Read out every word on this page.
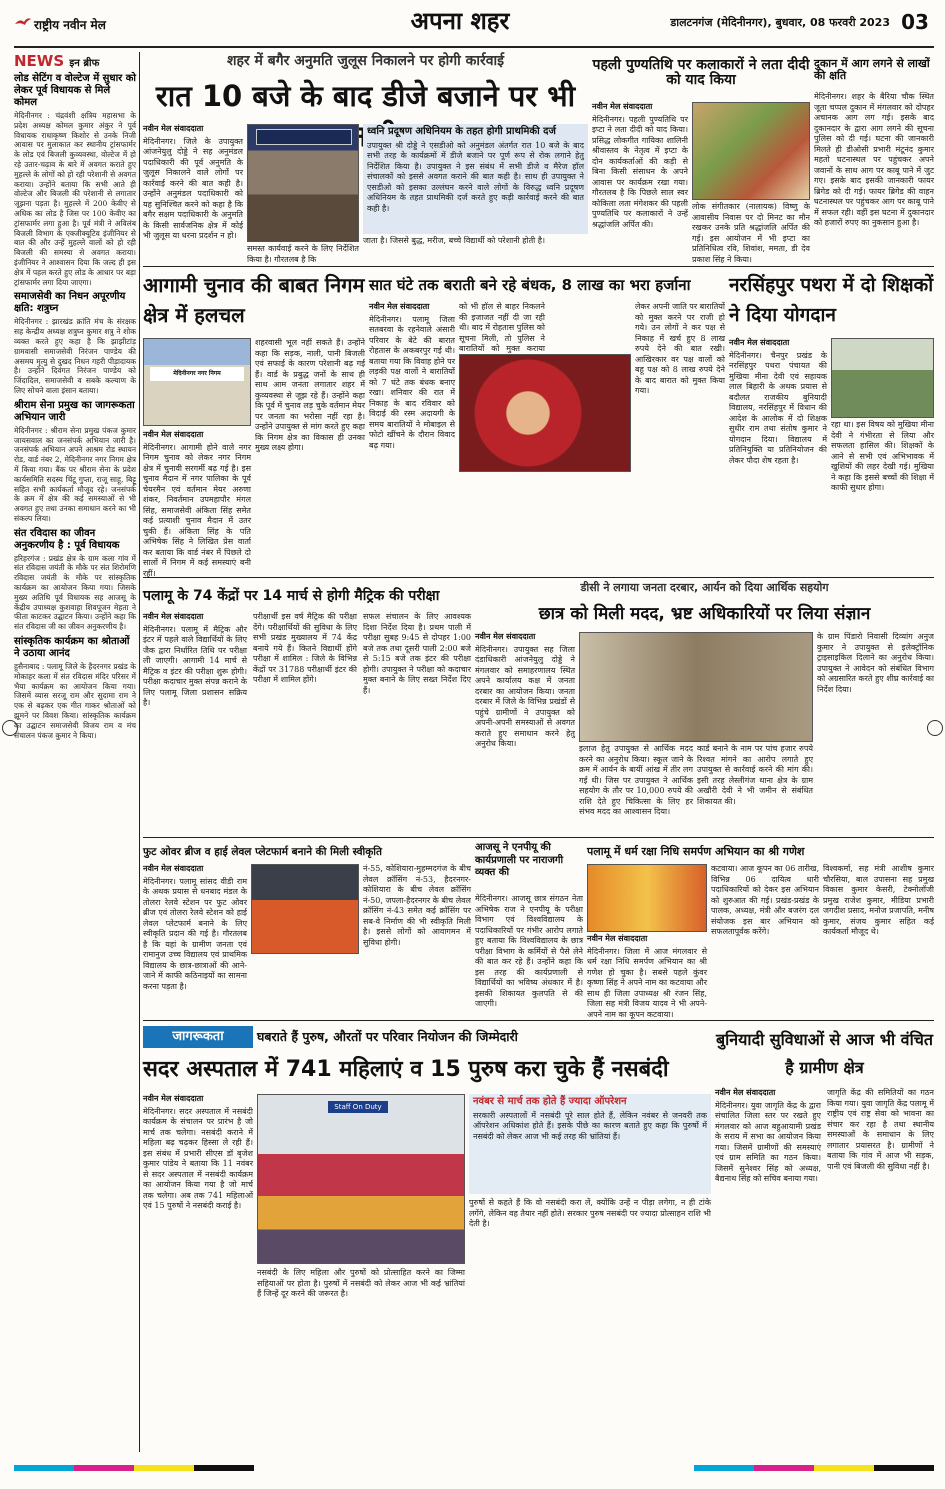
राष्ट्रीय नवीन मेल	अपना शहर	डालटनगंज (मेदिनीनगर), बुधवार, 08 फरवरी 2023 03
NEWS इन ब्रीफ
लोड सेटिंग व वोल्टेज में सुधार को लेकर पूर्व विधायक से मिले कोमल

मेदिनीनगर : चंद्रवंशी क्षत्रिय महासभा के प्रदेश अध्यक्ष कोमल कुमार अंकुर ने पूर्व विधायक राधाकृष्ण किशोर से उनके निजी आवास पर मुलाकात कर स्थानीय ट्रांसफार्मर के लोड एवं बिजली कुव्यवस्था, वोल्टेज में हो रहे उतार-चढ़ाव के बारे में अवगत कराते हुए मुहल्ले के लोगों को हो रही परेशानी से अवगत कराया। उन्होंने बताया कि सभी आते ही वोल्टेज और बिजली की परेशानी से लगातार जूझना पड़ता है। मुहल्ले में 200 केवीए से अधिक का लोड है जिस पर 100 केवीए का ट्रांसफार्मर लगा हुआ है। पूर्व मंत्री ने अविलंब बिजली विभाग के एक्जीक्यूटिव इंजीनियर से बात की और उन्हें मुहल्ले वालों को हो रही बिजली की समस्या से अवगत कराया। इंजीनियर ने आश्वासन दिया कि जल्द ही इस क्षेत्र में पहल करते हुए लोड के आधार पर बड़ा ट्रांसफार्मर लगा दिया जाएगा।

समाजसेवी का निधन अपूरणीय क्षति: शत्रुघ्न

मेदिनीनगर : झारखंड क्रांति मंच के संरक्षक सह केन्द्रीय अध्यक्ष शत्रुघ्न कुमार शत्रु ने शोक व्यक्त करते हुए कहा है कि झाझीटांड़ ग्रामवासी समाजसेवी निरंजन पाण्डेय की असमय मृत्यु से दुखद निधन गहरी पीड़ादायक है। उन्होंने दिवंगत निरंजन पाण्डेय को जिंदादिल, समाजसेवी व सबके कल्याण के लिए सोचने वाला इंसान बताया।

श्रीराम सेना प्रमुख का जागरूकता अभियान जारी

मेदिनीनगर : श्रीराम सेना प्रमुख पंकज कुमार जायसवाल का जनसंपर्क अभियान जारी है। जनसंपर्क अभियान अपने आश्रम रोड स्थायन रोड, वार्ड नंबर 2, मेदिनीनगर नगर निगम क्षेत्र में किया गया। बैंक पर श्रीराम सेना के प्रदेश कार्यसमिति सदस्य चिंटू गुप्ता, राजू साहू, बिट्टू सहित सभी कार्यकर्ता मौजूद रहे। जनसंपर्क के क्रम में क्षेत्र की कई समस्याओं से भी अवगत हुए तथा उनका समाधान करने का भी संकल्प लिया।

संत रविदास का जीवन अनुकरणीय है : पूर्व विधायक

हरिहरगंज : प्रखंड क्षेत्र के ग्राम कला गांव में संत रविदास जयंती के मौके पर संत शिरोमणि रविदास जयंती के मौके पर सांस्कृतिक कार्यक्रम का आयोजन किया गया। जिसके मुख्य अतिथि पूर्व विधायक सह आजसू के केंद्रीय उपाध्यक्ष कुशवाहा शिवपूजन मेहता ने फीता काटकर उद्घाटन किया। उन्होंने कहा कि संत रविदास जी का जीवन अनुकरणीय है।

सांस्कृतिक कार्यक्रम का श्रोताओं ने उठाया आनंद

हुसैनाबाद : पलामू जिले के हैदरनगर प्रखंड के मोकाहर कला में संत रविदास मंदिर परिसर में भैया कार्यक्रम का आयोजन किया गया। जिसमें व्यास सरजू राम और सुदामा राम ने एक से बढ़कर एक गीत गाकर श्रोताओं को झूमने पर विवश किया। सांस्कृतिक कार्यक्रम का उद्घाटन समाजसेवी विजय राम व मंच संचालन पंकज कुमार ने किया।

शहर में बगैर अनुमति जुलूस निकालने पर होगी कार्रवाई
रात 10 बजे के बाद डीजे बजाने पर भी
नवीन मेल संवाददाता

मेदिनीनगर। जिले के उपायुक्त आंजनेयुलु दोड्डे ने सह अनुमंडल पदाधिकारी की पूर्व अनुमति के जुलूस निकालने वाले लोगों पर कार्रवाई करने की बात कही है। उन्होंने अनुमंडल पदाधिकारी को यह सुनिश्चित करने को कहा है कि बगैर सक्षम पदाधिकारी के अनुमति के किसी सार्वजनिक क्षेत्र में कोई भी जुलूस या धरना प्रदर्शन न हो।

समस्त कार्यवाई करने के लिए निर्देशित किया है। गौरतलब है कि
ध्वनि प्रदूषण अधिनियम के तहत होगी प्राथमिकी दर्ज
उपायुक्त श्री दोड्डे ने एसडीओ को अनुमंडल अंतर्गत रात 10 बजे के बाद सभी तरह के कार्यक्रमों में डीजे बजाने पर पूर्ण रूप से रोक लगाने हेतु निर्देशित किया है। उपायुक्त ने इस संबंध में सभी डीजे व मैरेज हॉल संचालकों को इससे अवगत कराने की बात कही है। साथ ही उपायुक्त ने एसडीओ को इसका उल्लंघन करने वाले लोगों के विरुद्ध ध्वनि प्रदूषण अधिनियम के तहत प्राथमिकी दर्ज करते हुए कड़ी कार्रवाई करने की बात कही है।
जाता है। जिससे बुद्ध, मरीज, बच्चे विद्यार्थी को परेशानी होती है।
पहली पुण्यतिथि पर कलाकारों ने लता दीदी को याद किया
नवीन मेल संवाददाता

मेदिनीनगर। पहली पुण्यतिथि पर इप्टा ने लता दीदी को याद किया। प्रसिद्ध लोकगीत गायिका शालिनी श्रीवास्तव के नेतृत्व में इप्टा के दोन कार्यकर्ताओं की कड़ी से बिना किसी संसाधन के अपने आवास पर कार्यक्रम रखा गया। गौरतलब है कि पिछले साल स्वर कोकिला लता मंगेशकर की पहली पुण्यतिथि पर कलाकारों ने उन्हें श्रद्धांजलि अर्पित की।

लोक संगीतकार (नालायक) विष्णु के आवासीय निवास पर दो मिनट का मौन रखकर उनके प्रति श्रद्धांजलि अर्पित की गई। इस आयोजन में भी इप्टा का प्रतिनिधित्व रवि, शिवांश, ममता, डी देव प्रकाश सिंह ने किया।
दुकान में आग लगने से लाखों की क्षति
मेदिनीनगर। शहर के बैरिया चौक स्थित जूता चप्पल दुकान में मंगलवार को दोपहर अचानक आग लग गई। इसके बाद दुकानदार के द्वारा आग लगने की सूचना पुलिस को दी गई। घटना की जानकारी मिलते ही डीओसी प्रभारी मंटूनंद कुमार महतो घटनास्थल पर पहुंचकर अपने जवानों के साथ आग पर काबू पाने में जुट गए। इसके बाद इसकी जानकारी फायर ब्रिगेड को दी गई। फायर ब्रिगेड की वाहन घटनास्थल पर पहुंचकर आग पर काबू पाने में सफल रही। वहीं इस घटना में दुकानदार को हजारों रुपए का नुकसान हुआ है।
आगामी चुनाव की बाबत निगम क्षेत्र में हलचल
मेदिनीनगर नगर निगम
नवीन मेल संवाददाता

मेदिनीनगर। आगामी होने वाले नगर निगम चुनाव को लेकर नगर निगम क्षेत्र में चुनावी सरगर्मी बढ़ गई है। इस चुनाव मैदान में नगर पालिका के पूर्व चेयरमैन एवं वर्तमान मेयर अरुणा शंकर, निवर्तमान उपमहापौर मंगल सिंह, समाजसेवी अंकिता सिंह समेत कई प्रत्याशी चुनाव मैदान में उतर चुकी हैं। अंकिता सिंह के पति अभिषेक सिंह ने लिखित प्रेस वार्ता कर बताया कि वार्ड नंबर में पिछले दो सालों में निगम में कई समस्याएं बनी रहीं।

शहरवासी भूल नहीं सकते हैं। उन्होंने कहा कि सड़क, नाली, पानी बिजली एवं सफाई के कारण परेशानी बढ़ गई हैं। वार्ड के प्रबुद्ध जनों के साथ ही साथ आम जनता लगातार शहर में कुव्यवस्था से जूझ रहे हैं। उन्होंने कहा कि पूर्व में चुनाव लड़ चुके वर्तमान मेयर पर जनता का भरोसा नहीं रहा है। उन्होंने उपायुक्त से मांग करते हुए कहा कि निगम क्षेत्र का विकास ही उनका मुख्य लक्ष्य होगा।
सात घंटे तक बराती बने रहे बंधक, 8 लाख का भरा हर्जाना
नवीन मेल संवाददाता

मेदिनीनगर। पलामू जिला सतबरवा के रहनेवाले अंसारी परिवार के बेटे की बारात रोहतास के अकबरपुर गई थी। बताया गया कि विवाह होने पर लड़की पक्ष वालों ने बारातियों को 7 घंटे तक बंधक बनाए रखा। शनिवार की रात में निकाह के बाद रविवार को विदाई की रस्म अदायगी के समय बारातियों ने मोबाइल से फोटो खींचने के दौरान विवाद बढ़ गया।

को भी हॉल से बाहर निकलने की इजाजत नहीं दी जा रही थी। बाद में रोहतास पुलिस को सूचना मिली, तो पुलिस ने बारातियों को मुक्त कराया
लेकर अपनी जाति पर बारातियों को मुक्त करने पर राजी हो गये। उन लोगों ने कर पक्ष से निकाह में खर्च हुए 8 लाख रुपये देने की बात रखी। आखिरकार वर पक्ष वालों को बहू पक्ष को 8 लाख रुपये देने के बाद बारात को मुक्त किया गया।
नरसिंहपुर पथरा में दो शिक्षकों ने दिया योगदान
नवीन मेल संवाददाता

मेदिनीनगर। चैनपुर प्रखंड के नरसिंहपुर पथरा पंचायत की मुखिया मीना देवी एवं सहायक लाल बिहारी के अथक प्रयास से बदौलत राजकीय बुनियादी विद्यालय, नरसिंहपुर में विधान की आदेश के आलोक में दो शिक्षक सुधीर राम तथा संतोष कुमार ने योगदान दिया। विद्यालय में प्रतिनियुक्ति या प्रतिनियोजन की लेकर पौदा शेष रहता है।

रहा था। इस विषय को मुखिया मीना देवी ने गंभीरता से लिया और सफलता हासिल की। शिक्षकों के आने से सभी एवं अभिभावक में खुशियों की लहर देखी गई। मुखिया ने कहा कि इससे बच्चों की शिक्षा में काफी सुधार होगा।
पलामू के 74 केंद्रों पर 14 मार्च से होगी मैट्रिक की परीक्षा
नवीन मेल संवाददाता

मेदिनीनगर। पलामू में मैट्रिक और इंटर में पहले वाले विद्यार्थियों के लिए जैक द्वारा निर्धारित तिथि पर परीक्षा ली जाएगी। आगामी 14 मार्च से मैट्रिक व इंटर की परीक्षा शुरू होगी। परीक्षा कदाचार मुक्त संपन्न कराने के लिए पलामू जिला प्रशासन सक्रिय है।

परीक्षार्थी इस वर्ष मैट्रिक की परीक्षा देंगे। परीक्षार्थियों की सुविधा के लिए सभी प्रखंड मुख्यालय में 74 केंद्र बनाये गये हैं। कितने विद्यार्थी होंगे परीक्षा में शामिल : जिले के विभिन्न केंद्रों पर 31788 परीक्षार्थी इंटर की परीक्षा में शामिल होंगे।
सफल संचालन के लिए आवश्यक दिशा निर्देश दिया है। प्रथम पाली में परीक्षा सुबह 9:45 से दोपहर 1:00 बजे तक तथा दूसरी पाली 2:00 बजे से 5:15 बजे तक इंटर की परीक्षा होगी। उपायुक्त ने परीक्षा को कदाचार मुक्त बनाने के लिए सख्त निर्देश दिए हैं।
डीसी ने लगाया जनता दरबार, आर्यन को दिया आर्थिक सहयोग
छात्र को मिली मदद, भ्रष्ट अधिकारियों पर लिया संज्ञान
नवीन मेल संवाददाता

मेदिनीनगर। उपायुक्त सह जिला दंडाधिकारी आंजनेयुलु दोड्डे ने मंगलवार को समाहरणालय स्थित अपने कार्यालय कक्ष में जनता दरबार का आयोजन किया। जनता दरबार में जिले के विभिन्न प्रखंडों से पहुंचे ग्रामीणों ने उपायुक्त को अपनी-अपनी समस्याओं से अवगत कराते हुए समाधान करने हेतु अनुरोध किया।

इलाज हेतु उपायुक्त से आर्थिक मदद करने का अनुरोध किया। स्कूल जाने के क्रम में आर्यन के बायीं आंख में तीर लग गई थी। जिस पर उपायुक्त ने आर्थिक सहयोग के तौर पर 10,000 रुपये की राशि देते हुए चिकित्सा के लिए हर संभव मदद का आश्वासन दिया।
कार्ड बनाने के नाम पर पांच हजार रुपये रिश्वत मांगने का आरोप लगाते हुए उपायुक्त से कार्रवाई करने की मांग की। इसी तरह लेस्लीगंज थाना क्षेत्र के ग्राम अखौरी देवी ने भी जमीन से संबंधित शिकायत की।
के ग्राम पिंडारो निवासी दिव्यांग अनुज कुमार ने उपायुक्त से इलेक्ट्रॉनिक ट्राइसाइकिल दिलाने का अनुरोध किया। उपायुक्त ने आवेदन को संबंधित विभाग को अग्रसारित करते हुए शीघ्र कार्रवाई का निर्देश दिया।
फुट ओवर ब्रीज व हाई लेवल प्लेटफार्म बनाने की मिली स्वीकृति
नवीन मेल संवाददाता

मेदिनीनगर। पलामू सांसद वीडी राम के अथक प्रयास से धनबाद मंडल के तोलरा रेलवे स्टेशन पर फुट ओवर ब्रीज एवं तोलरा रेलवे स्टेशन को हाई लेवल प्लेटफार्म बनाने के लिए स्वीकृति प्रदान की गई है। गौरतलब है कि यहां के ग्रामीण जनता एवं रामानुज उच्च विद्यालय एवं प्राथमिक विद्यालय के छात्र-छात्राओं की आने-जाने में काफी कठिनाइयों का सामना करना पड़ता है।

नं-55, कोशियारा-मुहम्मदगंज के बीच लेवल क्रॉसिंग नं-53, हैदरनगर-कोशियारा के बीच लेवल क्रॉसिंग नं-50, जपला-हैदरनगर के बीच लेवल क्रॉसिंग नं-43 समेत कई क्रॉसिंग पर सब-वे निर्माण की भी स्वीकृति मिली है। इससे लोगों को आवागमन में सुविधा होगी।
आजसू ने एनपीयू की कार्यप्रणाली पर नाराजगी व्यक्त की
मेदिनीनगर। आजसू छात्र संगठन नेता अभिषेक राज ने एनपीयू के परीक्षा विभाग एवं विश्वविद्यालय के पदाधिकारियों पर गंभीर आरोप लगाते हुए बताया कि विश्वविद्यालय के छात्र परीक्षा विभाग के कर्मियों से पैसे लेने की बात कर रहे हैं। उन्होंने कहा कि इस तरह की कार्यप्रणाली से विद्यार्थियों का भविष्य अंधकार में है। इसकी शिकायत कुलपति से की जाएगी।
पलामू में धर्म रक्षा निधि समर्पण अभियान का श्री गणेश
नवीन मेल संवाददाता

मेदिनीनगर। जिला में आज मंगलवार से धर्म रक्षा निधि समर्पण अभियान का श्री गणेश हो चुका है। सबसे पहले कुंवर कृष्णा सिंह ने अपने नाम का कटवाया और साथ ही जिला उपाध्यक्ष श्री रंजन सिंह, जिला सह मंत्री विजय यादव ने भी अपने-अपने नाम का कूपन कटवाया।

कटवाया। आज कूपन का 06 तारीख, विभिन्न 06 दायित्व धारी पदाधिकारियों को देकर इस अभियान को शुरुआत की गई। प्रखंड-प्रखंड के पालक, अध्यक्ष, मंत्री और बजरंग दल संयोजक इस बार अभियान को सफलतापूर्वक करेंगे।
विश्वकर्मा, सह मंत्री आशीष कुमार चौरसिया, बाल उपासना सह प्रमुख विकास कुमार केसरी, टेक्नोलॉजी प्रमुख राजेश कुमार, मीडिया प्रभारी जगदीश प्रसाद, मनोज प्रजापति, मनीष कुमार, संजय कुमार सहित कई कार्यकर्ता मौजूद थे।
जागरूकता	घबराते हैं पुरुष, औरतों पर परिवार नियोजन की जिम्मेदारी
सदर अस्पताल में 741 महिलाएं व 15 पुरुष करा चुके हैं नसबंदी
नवीन मेल संवाददाता

मेदिनीनगर। सदर अस्पताल में नसबंदी कार्यक्रम के संचालन पर प्रारंभ है जो मार्च तक चलेगा। नसबंदी कराने में महिला बढ़ चढ़कर हिस्सा ले रही हैं। इस संबंध में प्रभारी सीएस डॉ बृजेश कुमार पांडेय ने बताया कि 11 नवंबर से सदर अस्पताल में नसबंदी कार्यक्रम का आयोजन किया गया है जो मार्च तक चलेगा। अब तक 741 महिलाओं एवं 15 पुरुषों ने नसबंदी कराई है।

Staff On Duty
नसबंदी के लिए महिला और पुरुषों को प्रोत्साहित करने का जिम्मा सहियाओं पर होता है। पुरुषों में नसबंदी को लेकर आज भी कई भ्रांतियां हैं जिन्हें दूर करने की जरूरत है।
नवंबर से मार्च तक होते हैं ज्यादा ऑपरेशन
सरकारी अस्पतालों में नसबंदी पूरे साल होते हैं, लेकिन नवंबर से जनवरी तक ऑपरेशन अधिकांश होते हैं। इसके पीछे का कारण बताते हुए कहा कि पुरुषों में नसबंदी को लेकर आज भी कई तरह की भ्रांतियां हैं।
पुरुषों से कहते हैं कि वो नसबंदी करा लें, क्योंकि उन्हें न पीड़ा लगेगा, न ही टांके लगेंगे, लेकिन वह तैयार नहीं होते। सरकार पुरुष नसबंदी पर ज्यादा प्रोत्साहन राशि भी देती है।
बुनियादी सुविधाओं से आज भी वंचित है ग्रामीण क्षेत्र
नवीन मेल संवाददाता

मेदिनीनगर। युवा जागृति केंद्र के द्वारा संचालित जिला स्तर पर रखते हुए मंगलवार को आज बहुआयामी प्रखंड के सराय में सभा का आयोजन किया गया। जिसमें ग्रामीणों की समस्याएं एवं ग्राम समिति का गठन किया। जिसमें सुनेश्वर सिंह को अध्यक्ष, बैद्यनाथ सिंह को सचिव बनाया गया।

जागृति केंद्र की समितियों का गठन किया गया। युवा जागृति केंद्र पलामू में राष्ट्रीय एवं राष्ट्र सेवा को भावना का संचार कर रहा है तथा स्थानीय समस्याओं के समाधान के लिए लगातार प्रयासरत है। ग्रामीणों ने बताया कि गांव में आज भी सड़क, पानी एवं बिजली की सुविधा नहीं है।
